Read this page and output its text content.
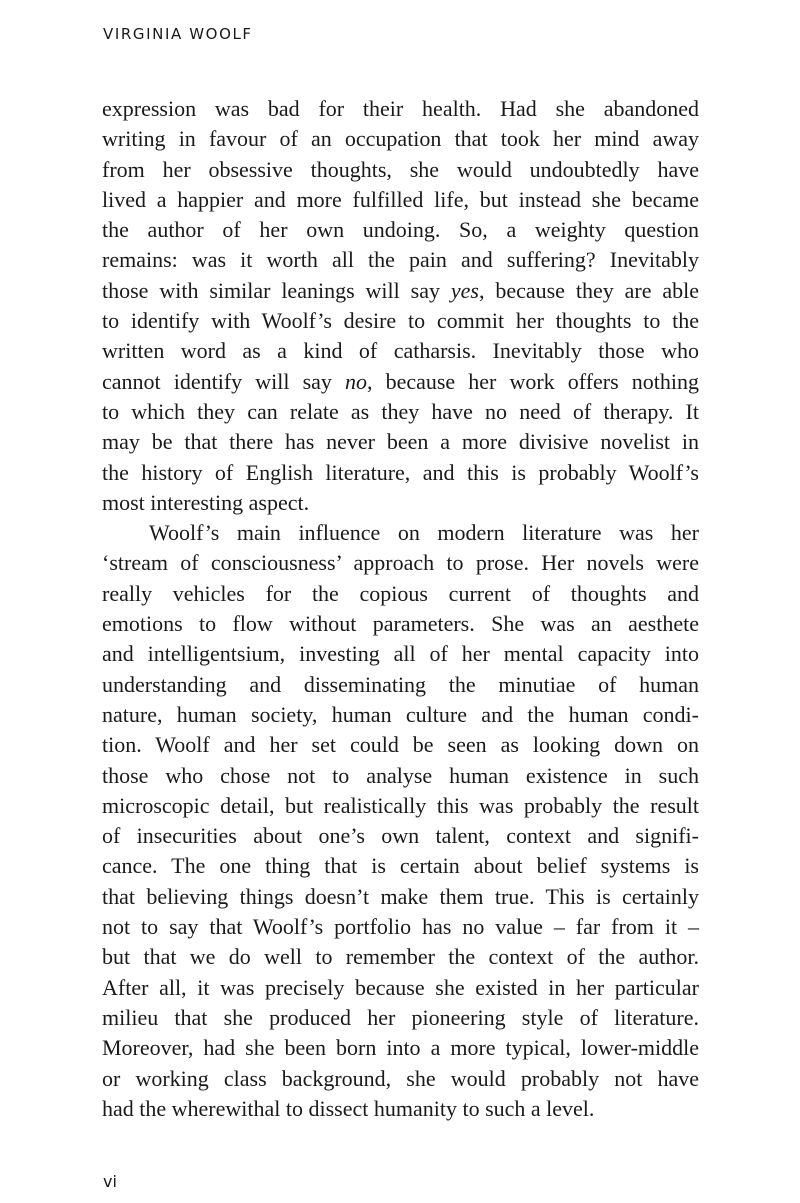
VIRGINIA WOOLF
expression was bad for their health. Had she abandoned
writing in favour of an occupation that took her mind away
from her obsessive thoughts, she would undoubtedly have
lived a happier and more fulfilled life, but instead she became
the author of her own undoing. So, a weighty question
remains: was it worth all the pain and suffering? Inevitably
those with similar leanings will say yes, because they are able
to identify with Woolf’s desire to commit her thoughts to the
written word as a kind of catharsis. Inevitably those who
cannot identify will say no, because her work offers nothing
to which they can relate as they have no need of therapy. It
may be that there has never been a more divisive novelist in
the history of English literature, and this is probably Woolf’s
most interesting aspect.
Woolf’s main influence on modern literature was her
‘stream of consciousness’ approach to prose. Her novels were
really vehicles for the copious current of thoughts and
emotions to flow without parameters. She was an aesthete
and intelligentsium, investing all of her mental capacity into
understanding and disseminating the minutiae of human
nature, human society, human culture and the human condi-
tion. Woolf and her set could be seen as looking down on
those who chose not to analyse human existence in such
microscopic detail, but realistically this was probably the result
of insecurities about one’s own talent, context and signifi-
cance. The one thing that is certain about belief systems is
that believing things doesn’t make them true. This is certainly
not to say that Woolf’s portfolio has no value – far from it –
but that we do well to remember the context of the author.
After all, it was precisely because she existed in her particular
milieu that she produced her pioneering style of literature.
Moreover, had she been born into a more typical, lower-middle
or working class background, she would probably not have
had the wherewithal to dissect humanity to such a level.
vi
